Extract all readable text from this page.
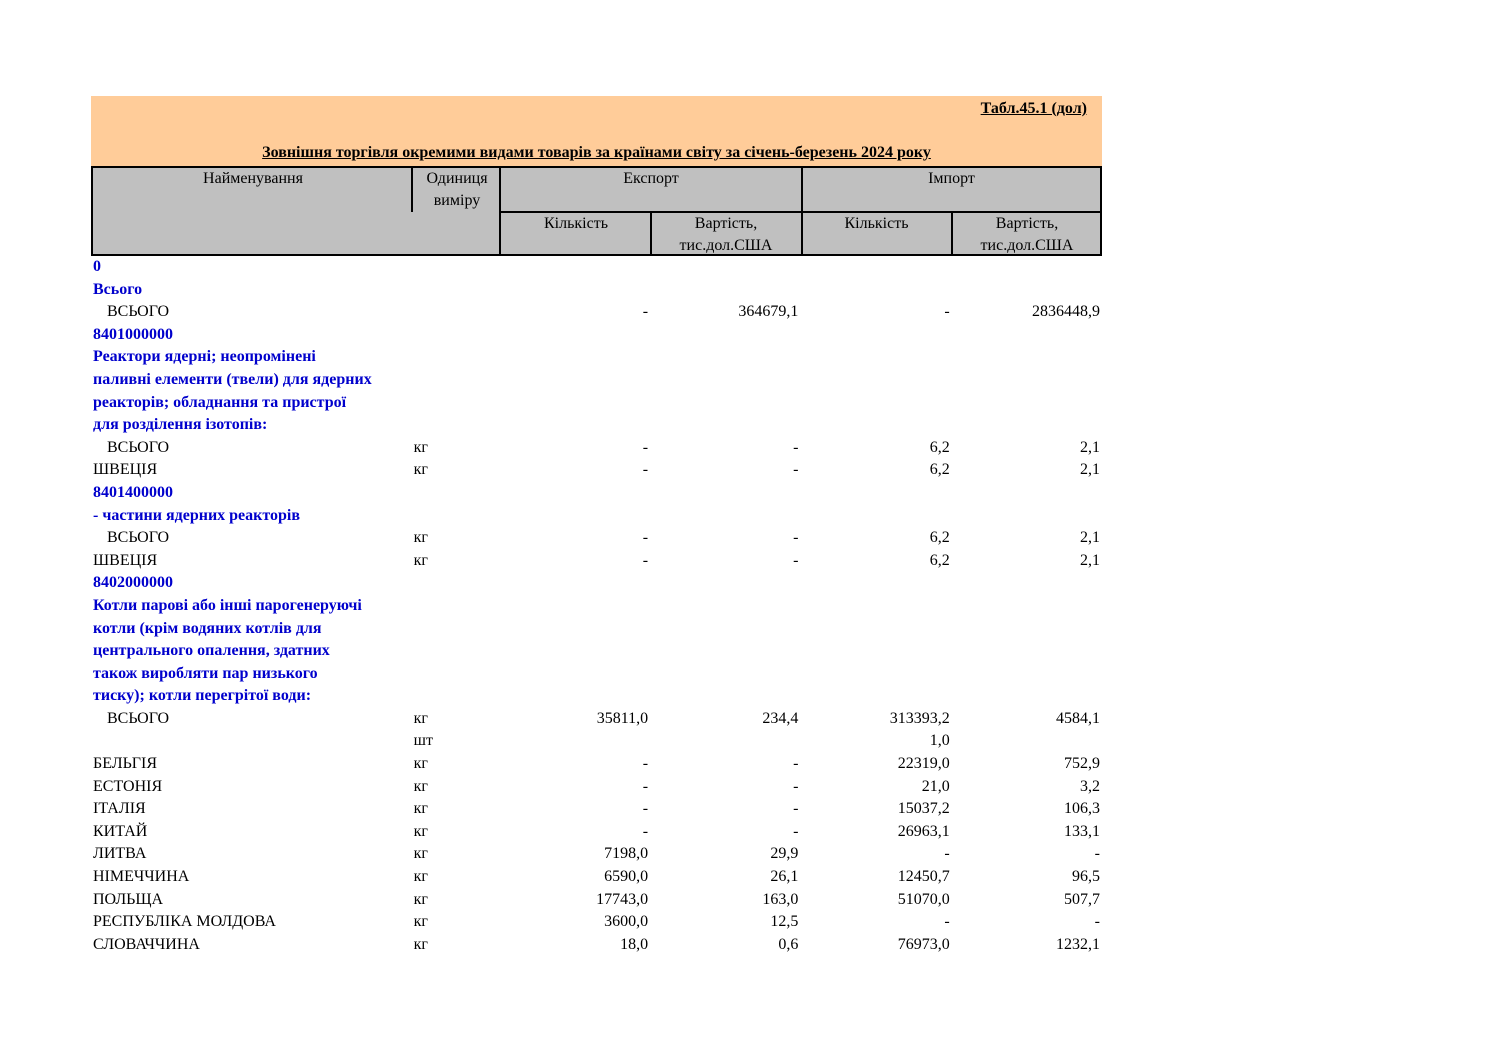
Табл.45.1 (дол)
Зовнішня торгівля окремими видами товарів за країнами світу за січень-березень 2024 року
Найменування	Одиниця
виміру
Експорт	Імпорт
Кількість	Вартість,
тис.дол.США
Кількість	Вартість,
тис.дол.США
0					
Всього					
ВСЬОГО		-	364679,1	-	2836448,9
8401000000					
Реактори ядерні; неопромінені					
паливні елементи (твели) для ядерних					
реакторів; обладнання та пристрої					
для розділення ізотопів:					
ВСЬОГО	кг	-	-	6,2	2,1
ШВЕЦІЯ	кг	-	-	6,2	2,1
8401400000					
- частини ядерних реакторів					
ВСЬОГО	кг	-	-	6,2	2,1
ШВЕЦІЯ	кг	-	-	6,2	2,1
8402000000					
Котли парові або інші парогенеруючі					
котли (крім водяних котлів для					
центрального опалення, здатних					
також виробляти пар низького					
тиску); котли перегрітої води:					
ВСЬОГО	кг	35811,0	234,4	313393,2	4584,1
	шт			1,0	
БЕЛЬГІЯ	кг	-	-	22319,0	752,9
ЕСТОНІЯ	кг	-	-	21,0	3,2
ІТАЛІЯ	кг	-	-	15037,2	106,3
КИТАЙ	кг	-	-	26963,1	133,1
ЛИТВА	кг	7198,0	29,9	-	-
НІМЕЧЧИНА	кг	6590,0	26,1	12450,7	96,5
ПОЛЬЩА	кг	17743,0	163,0	51070,0	507,7
РЕСПУБЛІКА МОЛДОВА	кг	3600,0	12,5	-	-
СЛОВАЧЧИНА	кг	18,0	0,6	76973,0	1232,1
